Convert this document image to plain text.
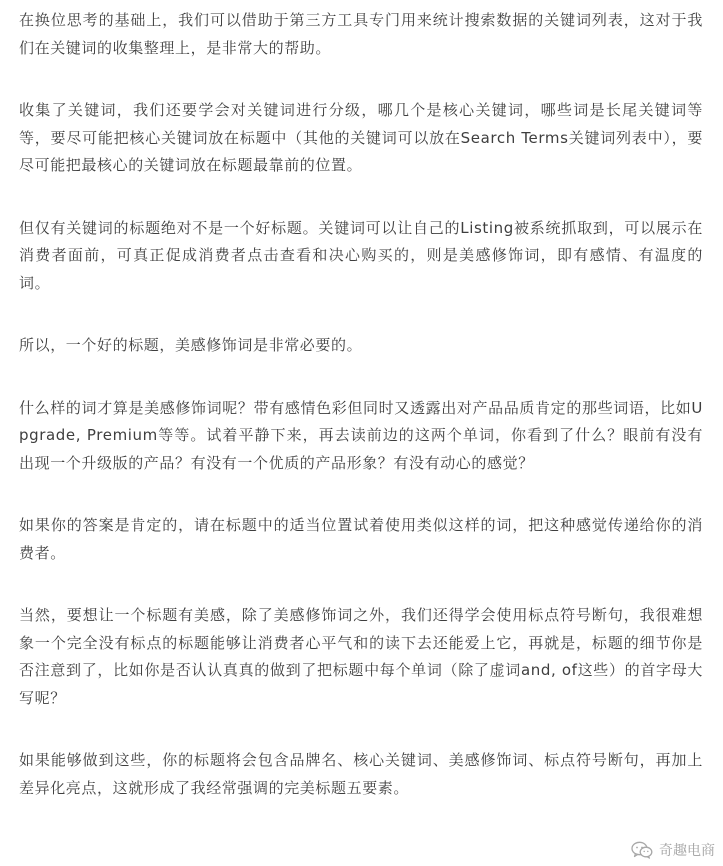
在换位思考的基础上，我们可以借助于第三方工具专门用来统计搜索数据的关键词列表，这对于我们在关键词的收集整理上，是非常大的帮助。

收集了关键词，我们还要学会对关键词进行分级，哪几个是核心关键词，哪些词是长尾关键词等等，要尽可能把核心关键词放在标题中（其他的关键词可以放在Search Terms关键词列表中），要尽可能把最核心的关键词放在标题最靠前的位置。

但仅有关键词的标题绝对不是一个好标题。关键词可以让自己的Listing被系统抓取到，可以展示在消费者面前，可真正促成消费者点击查看和决心购买的，则是美感修饰词，即有感情、有温度的词。

所以，一个好的标题，美感修饰词是非常必要的。

什么样的词才算是美感修饰词呢？带有感情色彩但同时又透露出对产品品质肯定的那些词语，比如Upgrade, Premium等等。试着平静下来，再去读前边的这两个单词，你看到了什么？眼前有没有出现一个升级版的产品？有没有一个优质的产品形象？有没有动心的感觉？

如果你的答案是肯定的，请在标题中的适当位置试着使用类似这样的词，把这种感觉传递给你的消费者。

当然，要想让一个标题有美感，除了美感修饰词之外，我们还得学会使用标点符号断句，我很难想象一个完全没有标点的标题能够让消费者心平气和的读下去还能爱上它，再就是，标题的细节你是否注意到了，比如你是否认认真真的做到了把标题中每个单词（除了虚词and, of这些）的首字母大写呢？

如果能够做到这些，你的标题将会包含品牌名、核心关键词、美感修饰词、标点符号断句，再加上差异化亮点，这就形成了我经常强调的完美标题五要素。

奇趣电商
